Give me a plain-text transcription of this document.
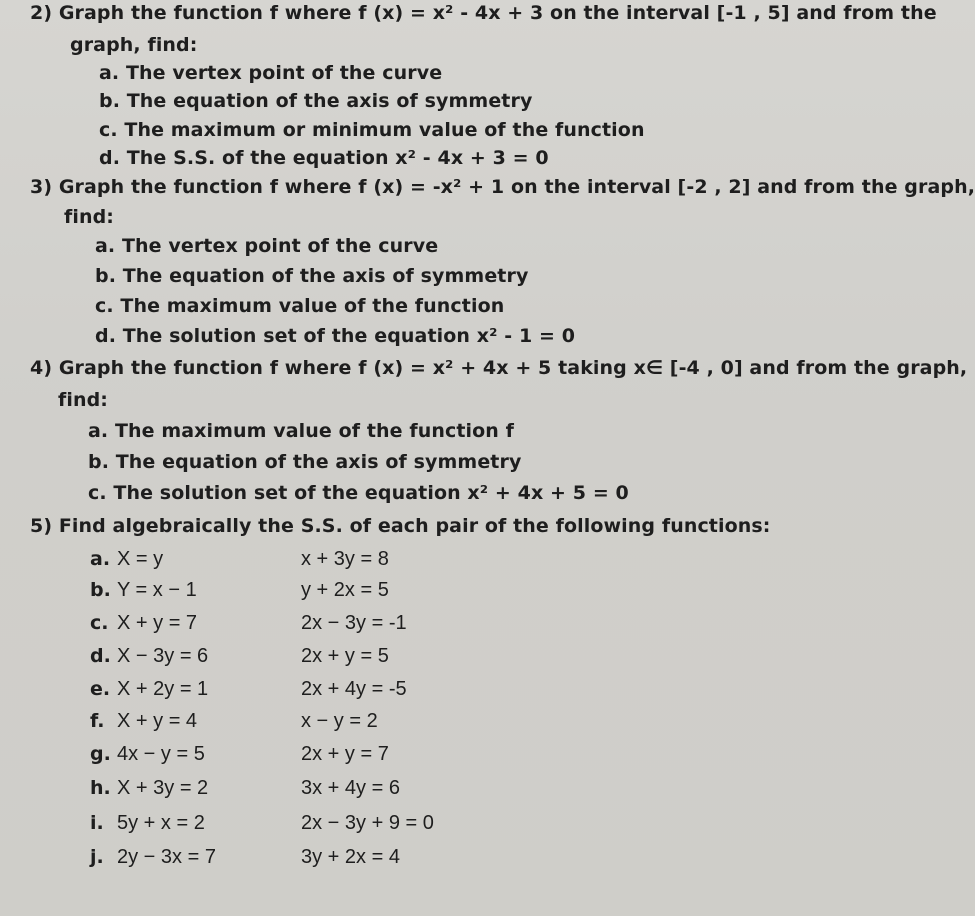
2) Graph the function f where f (x) = x² - 4x + 3 on the interval [-1 , 5] and from the
graph, find:
a. The vertex point of the curve
b. The equation of the axis of symmetry
c. The maximum or minimum value of the function
d. The S.S. of the equation x² - 4x + 3 = 0
3) Graph the function f where f (x) = -x² + 1 on the interval [-2 , 2] and from the graph,
find:
a. The vertex point of the curve
b. The equation of the axis of symmetry
c. The maximum value of the function
d. The solution set of the equation x² - 1 = 0
4) Graph the function f where f (x) = x² + 4x + 5 taking x∈ [-4 , 0] and from the graph,
find:
a. The maximum value of the function f
b. The equation of the axis of symmetry
c. The solution set of the equation x² + 4x + 5 = 0
5) Find algebraically the S.S. of each pair of the following functions:
a. X = y	x + 3y = 8
b. Y = x − 1	y + 2x = 5
c. X + y = 7	2x − 3y = -1
d. X − 3y = 6	2x + y = 5
e. X + 2y = 1	2x + 4y = -5
f. X + y = 4	x − y = 2
g. 4x − y = 5	2x + y = 7
h. X + 3y = 2	3x + 4y = 6
i. 5y + x = 2	2x − 3y + 9 = 0
j. 2y − 3x = 7	3y + 2x = 4
